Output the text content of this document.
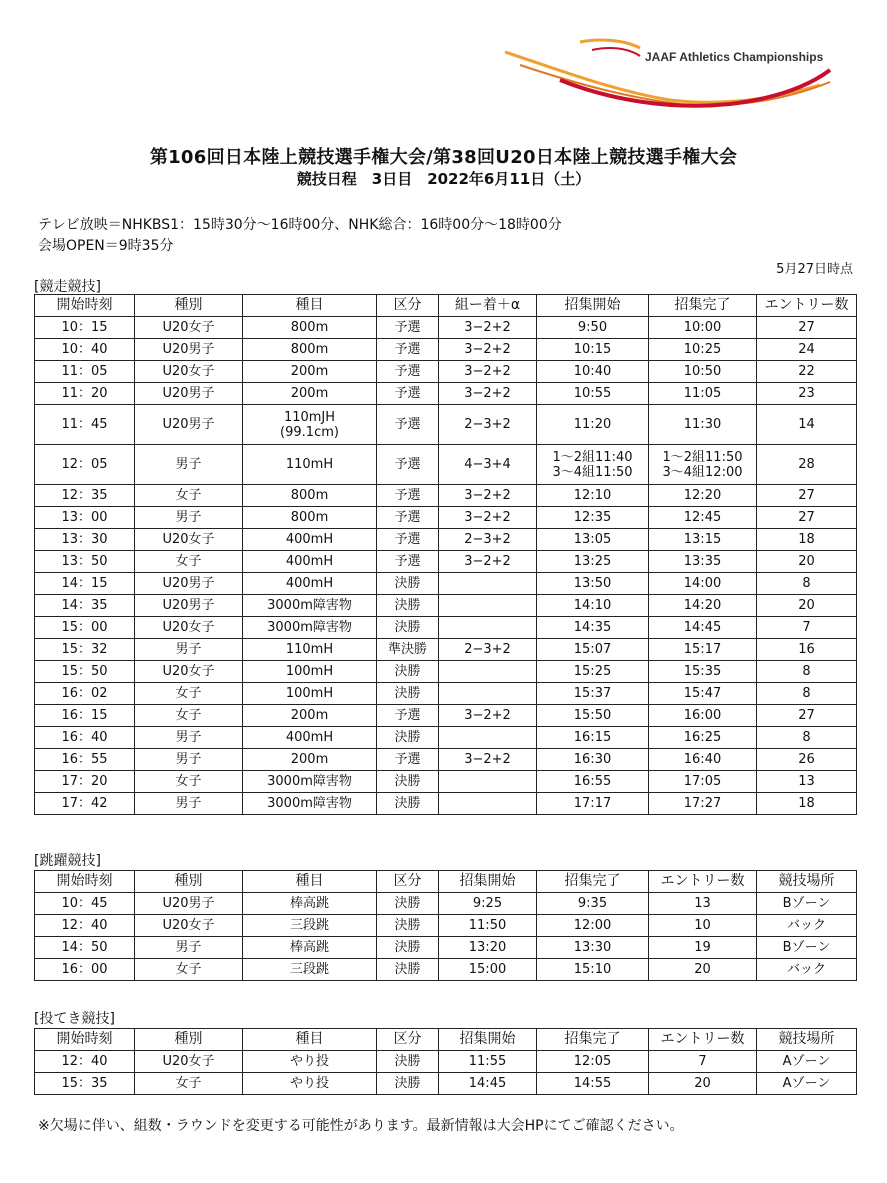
JAAF Athletics Championships
第106回日本陸上競技選手権大会/第38回U20日本陸上競技選手権大会
競技日程　3日目　2022年6月11日（土）
テレビ放映＝NHKBS1：15時30分～16時00分、NHK総合：16時00分～18時00分
会場OPEN＝9時35分
5月27日時点
[競走競技]
開始時刻	種別	種目	区分	組ー着＋α	招集開始	招集完了	エントリー数
10：15	U20女子	800m	予選	3−2+2	9:50	10:00	27
10：40	U20男子	800m	予選	3−2+2	10:15	10:25	24
11：05	U20女子	200m	予選	3−2+2	10:40	10:50	22
11：20	U20男子	200m	予選	3−2+2	10:55	11:05	23
11：45	U20男子	110mJH
(99.1cm)	予選	2−3+2	11:20	11:30	14
12：05	男子	110mH	予選	4−3+4	1～2組11:40
3～4組11:50	1～2組11:50
3～4組12:00	28
12：35	女子	800m	予選	3−2+2	12:10	12:20	27
13：00	男子	800m	予選	3−2+2	12:35	12:45	27
13：30	U20女子	400mH	予選	2−3+2	13:05	13:15	18
13：50	女子	400mH	予選	3−2+2	13:25	13:35	20
14：15	U20男子	400mH	決勝		13:50	14:00	8
14：35	U20男子	3000m障害物	決勝		14:10	14:20	20
15：00	U20女子	3000m障害物	決勝		14:35	14:45	7
15：32	男子	110mH	準決勝	2−3+2	15:07	15:17	16
15：50	U20女子	100mH	決勝		15:25	15:35	8
16：02	女子	100mH	決勝		15:37	15:47	8
16：15	女子	200m	予選	3−2+2	15:50	16:00	27
16：40	男子	400mH	決勝		16:15	16:25	8
16：55	男子	200m	予選	3−2+2	16:30	16:40	26
17：20	女子	3000m障害物	決勝		16:55	17:05	13
17：42	男子	3000m障害物	決勝		17:17	17:27	18
[跳躍競技]
開始時刻	種別	種目	区分	招集開始	招集完了	エントリー数	競技場所
10：45	U20男子	棒高跳	決勝	9:25	9:35	13	Bゾーン
12：40	U20女子	三段跳	決勝	11:50	12:00	10	バック
14：50	男子	棒高跳	決勝	13:20	13:30	19	Bゾーン
16：00	女子	三段跳	決勝	15:00	15:10	20	バック
[投てき競技]
開始時刻	種別	種目	区分	招集開始	招集完了	エントリー数	競技場所
12：40	U20女子	やり投	決勝	11:55	12:05	7	Aゾーン
15：35	女子	やり投	決勝	14:45	14:55	20	Aゾーン
※欠場に伴い、組数・ラウンドを変更する可能性があります。最新情報は大会HPにてご確認ください。
